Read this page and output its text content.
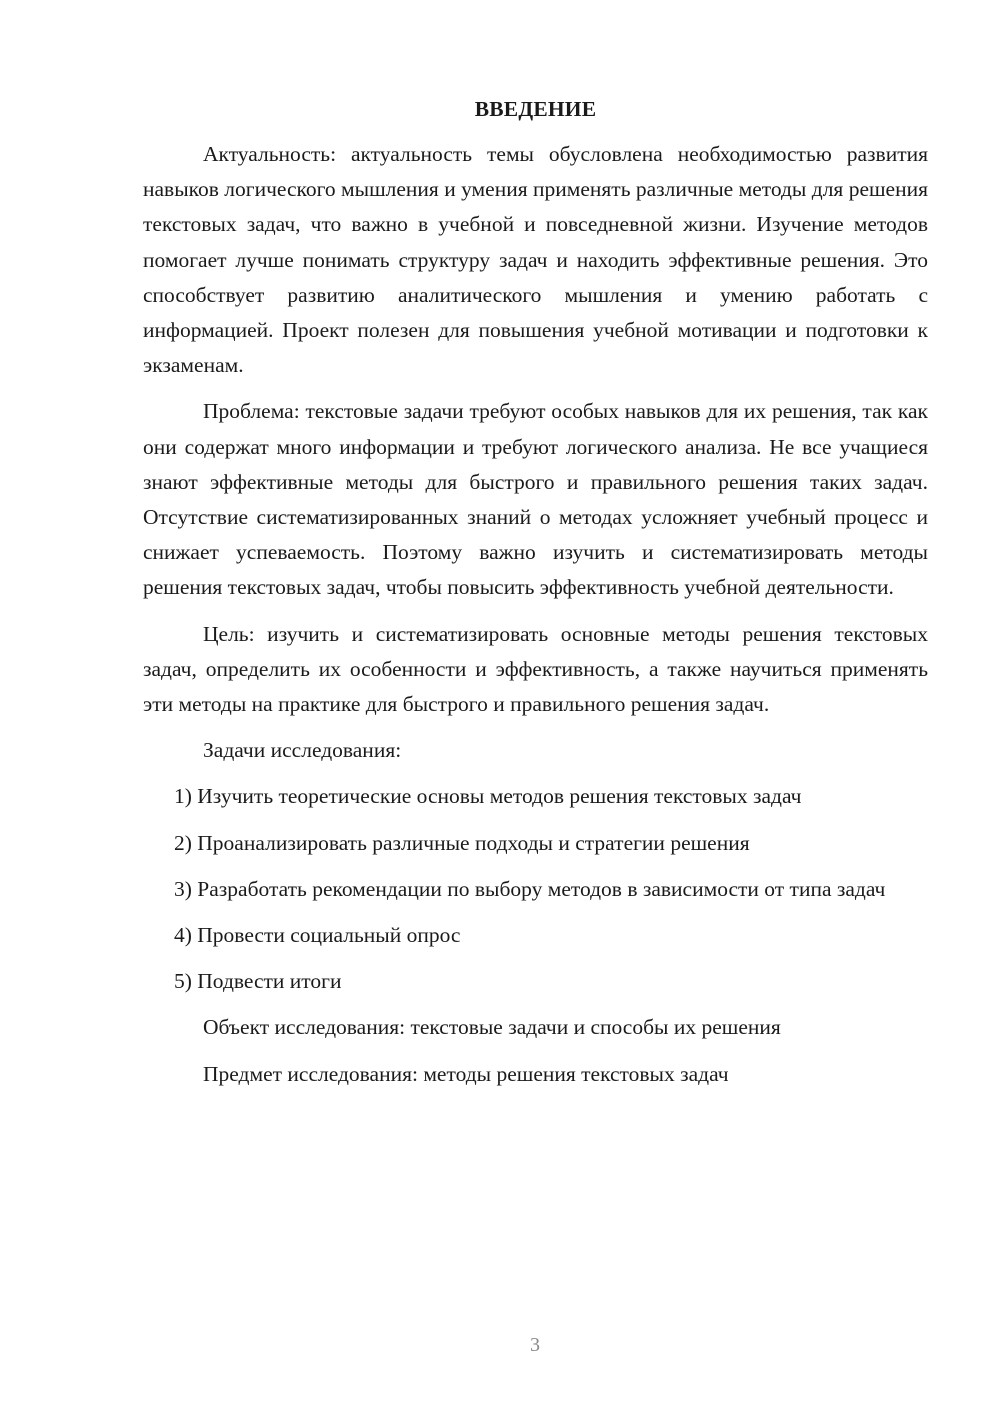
ВВЕДЕНИЕ

Актуальность: актуальность темы обусловлена необходимостью развития навыков логического мышления и умения применять различные методы для решения текстовых задач, что важно в учебной и повседневной жизни. Изучение методов помогает лучше понимать структуру задач и находить эффективные решения. Это способствует развитию аналитического мышления и умению работать с информацией. Проект полезен для повышения учебной мотивации и подготовки к экзаменам.

Проблема: текстовые задачи требуют особых навыков для их решения, так как они содержат много информации и требуют логического анализа. Не все учащиеся знают эффективные методы для быстрого и правильного решения таких задач. Отсутствие систематизированных знаний о методах усложняет учебный процесс и снижает успеваемость. Поэтому важно изучить и систематизировать методы решения текстовых задач, чтобы повысить эффективность учебной деятельности.

Цель: изучить и систематизировать основные методы решения текстовых задач, определить их особенности и эффективность, а также научиться применять эти методы на практике для быстрого и правильного решения задач.

Задачи исследования:

1) Изучить теоретические основы методов решения текстовых задач

2) Проанализировать различные подходы и стратегии решения

3) Разработать рекомендации по выбору методов в зависимости от типа задач

4) Провести социальный опрос

5) Подвести итоги

Объект исследования: текстовые задачи и способы их решения

Предмет исследования: методы решения текстовых задач

3
